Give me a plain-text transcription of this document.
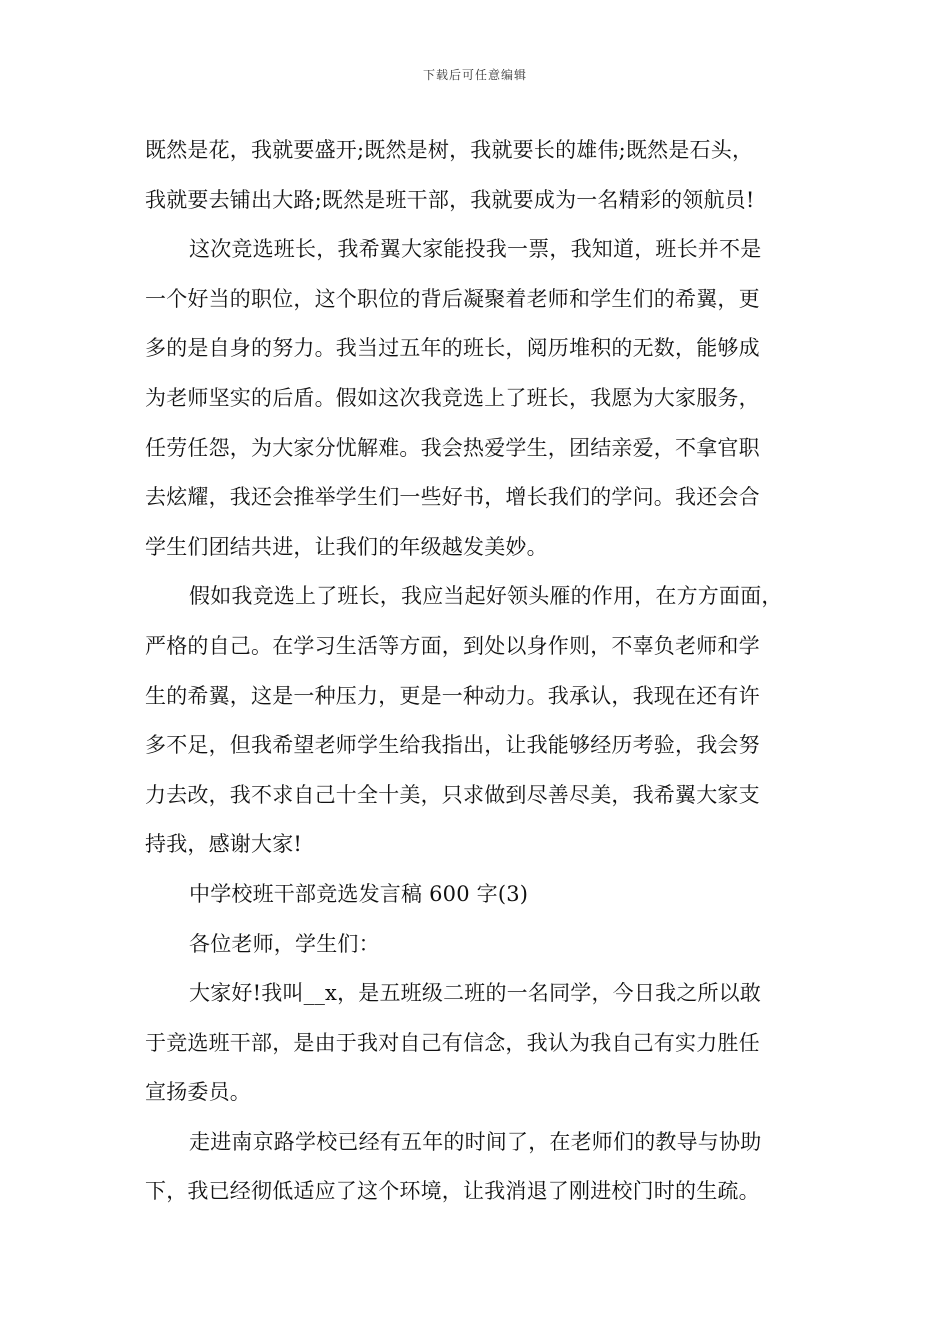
下载后可任意编辑
既然是花，我就要盛开;既然是树，我就要长的雄伟;既然是石头，
我就要去铺出大路;既然是班干部，我就要成为一名精彩的领航员!
这次竞选班长，我希翼大家能投我一票，我知道，班长并不是
一个好当的职位，这个职位的背后凝聚着老师和学生们的希翼，更
多的是自身的努力。我当过五年的班长，阅历堆积的无数，能够成
为老师坚实的后盾。假如这次我竞选上了班长，我愿为大家服务，
任劳任怨，为大家分忧解难。我会热爱学生，团结亲爱，不拿官职
去炫耀，我还会推举学生们一些好书，增长我们的学问。我还会合
学生们团结共进，让我们的年级越发美妙。
假如我竞选上了班长，我应当起好领头雁的作用，在方方面面，
严格的自己。在学习生活等方面，到处以身作则，不辜负老师和学
生的希翼，这是一种压力，更是一种动力。我承认，我现在还有许
多不足，但我希望老师学生给我指出，让我能够经历考验，我会努
力去改，我不求自己十全十美，只求做到尽善尽美，我希翼大家支
持我，感谢大家!
中学校班干部竞选发言稿 600 字(3)
各位老师，学生们：
大家好!我叫__x，是五班级二班的一名同学，今日我之所以敢
于竞选班干部，是由于我对自己有信念，我认为我自己有实力胜任
宣扬委员。
走进南京路学校已经有五年的时间了，在老师们的教导与协助
下，我已经彻低适应了这个环境，让我消退了刚进校门时的生疏。
